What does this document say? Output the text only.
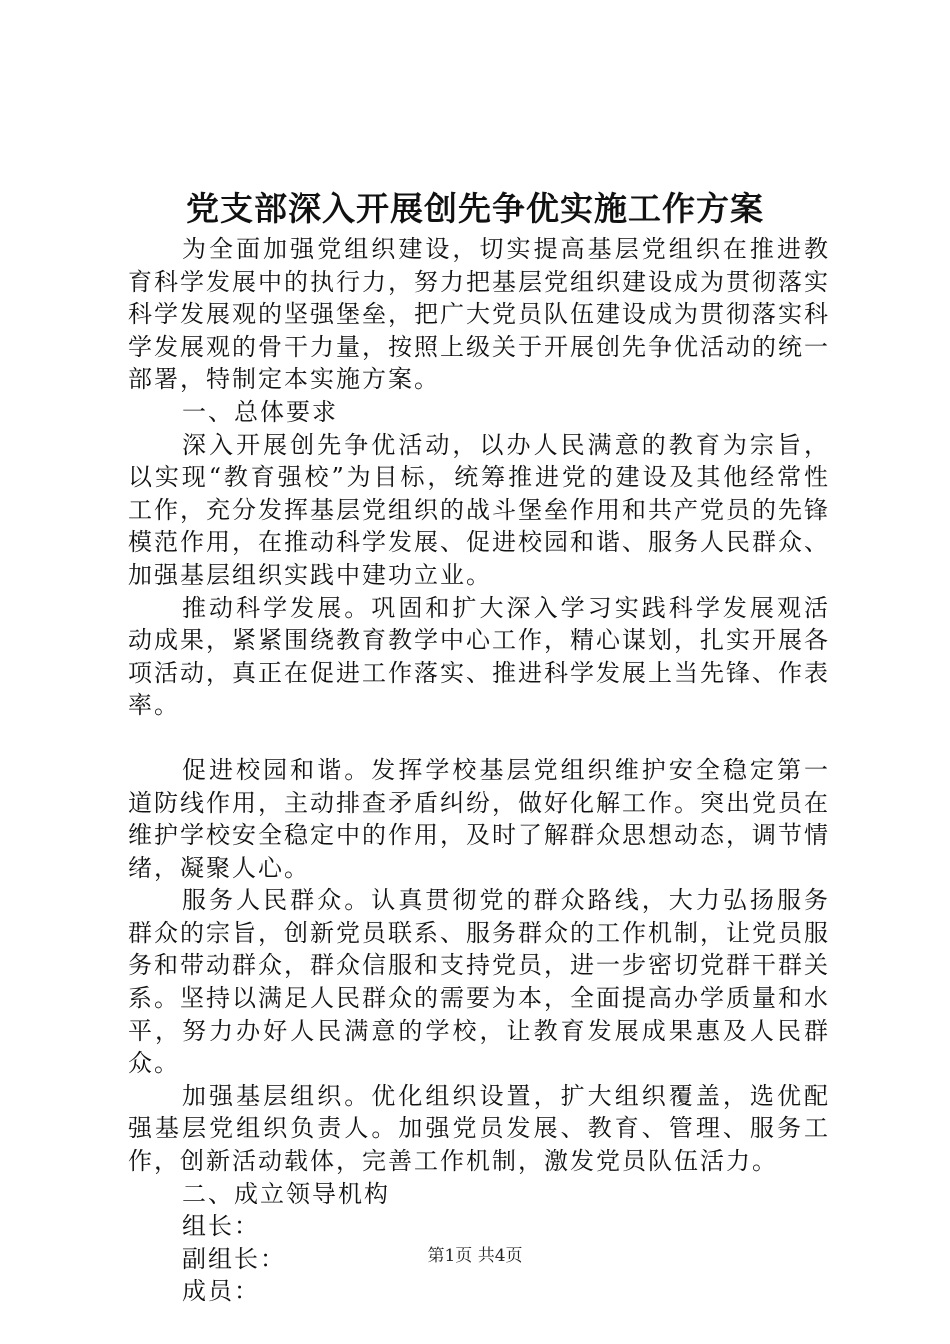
党支部深入开展创先争优实施工作方案

为全面加强党组织建设，切实提高基层党组织在推进教育科学发展中的执行力，努力把基层党组织建设成为贯彻落实科学发展观的坚强堡垒，把广大党员队伍建设成为贯彻落实科学发展观的骨干力量，按照上级关于开展创先争优活动的统一部署，特制定本实施方案。

一、总体要求

深入开展创先争优活动，以办人民满意的教育为宗旨，以实现“教育强校”为目标，统筹推进党的建设及其他经常性工作，充分发挥基层党组织的战斗堡垒作用和共产党员的先锋模范作用，在推动科学发展、促进校园和谐、服务人民群众、加强基层组织实践中建功立业。

推动科学发展。巩固和扩大深入学习实践科学发展观活动成果，紧紧围绕教育教学中心工作，精心谋划，扎实开展各项活动，真正在促进工作落实、推进科学发展上当先锋、作表率。

促进校园和谐。发挥学校基层党组织维护安全稳定第一道防线作用，主动排查矛盾纠纷，做好化解工作。突出党员在维护学校安全稳定中的作用，及时了解群众思想动态，调节情绪，凝聚人心。

服务人民群众。认真贯彻党的群众路线，大力弘扬服务群众的宗旨，创新党员联系、服务群众的工作机制，让党员服务和带动群众，群众信服和支持党员，进一步密切党群干群关系。坚持以满足人民群众的需要为本，全面提高办学质量和水平，努力办好人民满意的学校，让教育发展成果惠及人民群众。

加强基层组织。优化组织设置，扩大组织覆盖，选优配强基层党组织负责人。加强党员发展、教育、管理、服务工作，创新活动载体，完善工作机制，激发党员队伍活力。

二、成立领导机构

组长：

副组长：

成员：

第1页 共4页
